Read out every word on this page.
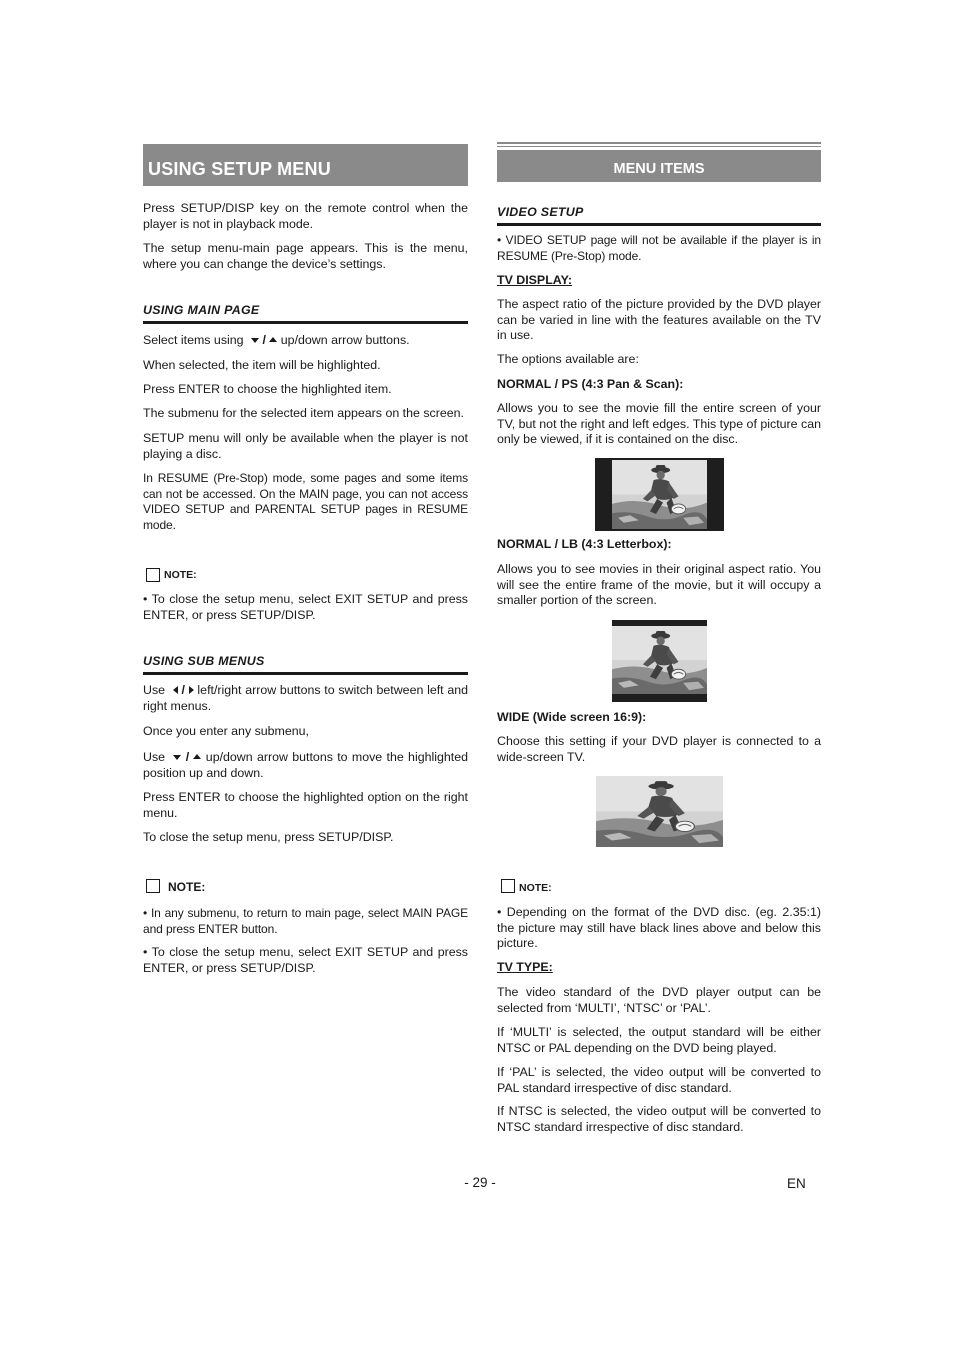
USING SETUP MENU

Press SETUP/DISP key on the remote control when the player is not in playback mode.

The setup menu-main page appears. This is the menu, where you can change the device’s settings.

USING MAIN PAGE

Select items using  /  up/down arrow buttons.

When selected, the item will be highlighted.

Press ENTER to choose the highlighted item.

The submenu for the selected item appears on the screen.

SETUP menu will only be available when the player is not playing a disc.

In RESUME (Pre-Stop) mode, some pages and some items can not be accessed. On the MAIN page, you can not access VIDEO SETUP and PARENTAL SETUP pages in RESUME mode.

NOTE:

• To close the setup menu, select EXIT SETUP and press ENTER, or press SETUP/DISP.

USING SUB MENUS

Use  /  left/right arrow buttons to switch between left and right menus.

Once you enter any submenu,

Use  /  up/down arrow buttons to move the highlighted position up and down.

Press ENTER to choose the highlighted option on the right menu.

To close the setup menu, press SETUP/DISP.

NOTE:

• In any submenu, to return to main page, select MAIN PAGE and press ENTER button.

• To close the setup menu, select EXIT SETUP and press ENTER, or press SETUP/DISP.

MENU ITEMS
VIDEO SETUP

• VIDEO SETUP page will not be available if the player is in RESUME (Pre-Stop) mode.

TV DISPLAY:

The aspect ratio of the picture provided by the DVD player can be varied in line with the features available on the TV in use.

The options available are:

NORMAL / PS (4:3 Pan & Scan):

Allows you to see the movie fill the entire screen of your TV, but not the right and left edges. This type of picture can only be viewed, if it is contained on the disc.

NORMAL / LB (4:3 Letterbox):

Allows you to see movies in their original aspect ratio. You will see the entire frame of the movie, but it will occupy a smaller portion of the screen.

WIDE (Wide screen 16:9):

Choose this setting if your DVD player is connected to a wide-screen TV.

NOTE:

• Depending on the format of the DVD disc. (eg. 2.35:1) the picture may still have black lines above and below this picture.

TV TYPE:

The video standard of the DVD player output can be selected from ‘MULTI’, ‘NTSC’ or ‘PAL’.

If ‘MULTI’ is selected, the output standard will be either NTSC or PAL depending on the DVD being played.

If ‘PAL’ is selected, the video output will be converted to PAL standard irrespective of disc standard.

If NTSC is selected, the video output will be converted to NTSC standard irrespective of disc standard.

- 29 -	EN
